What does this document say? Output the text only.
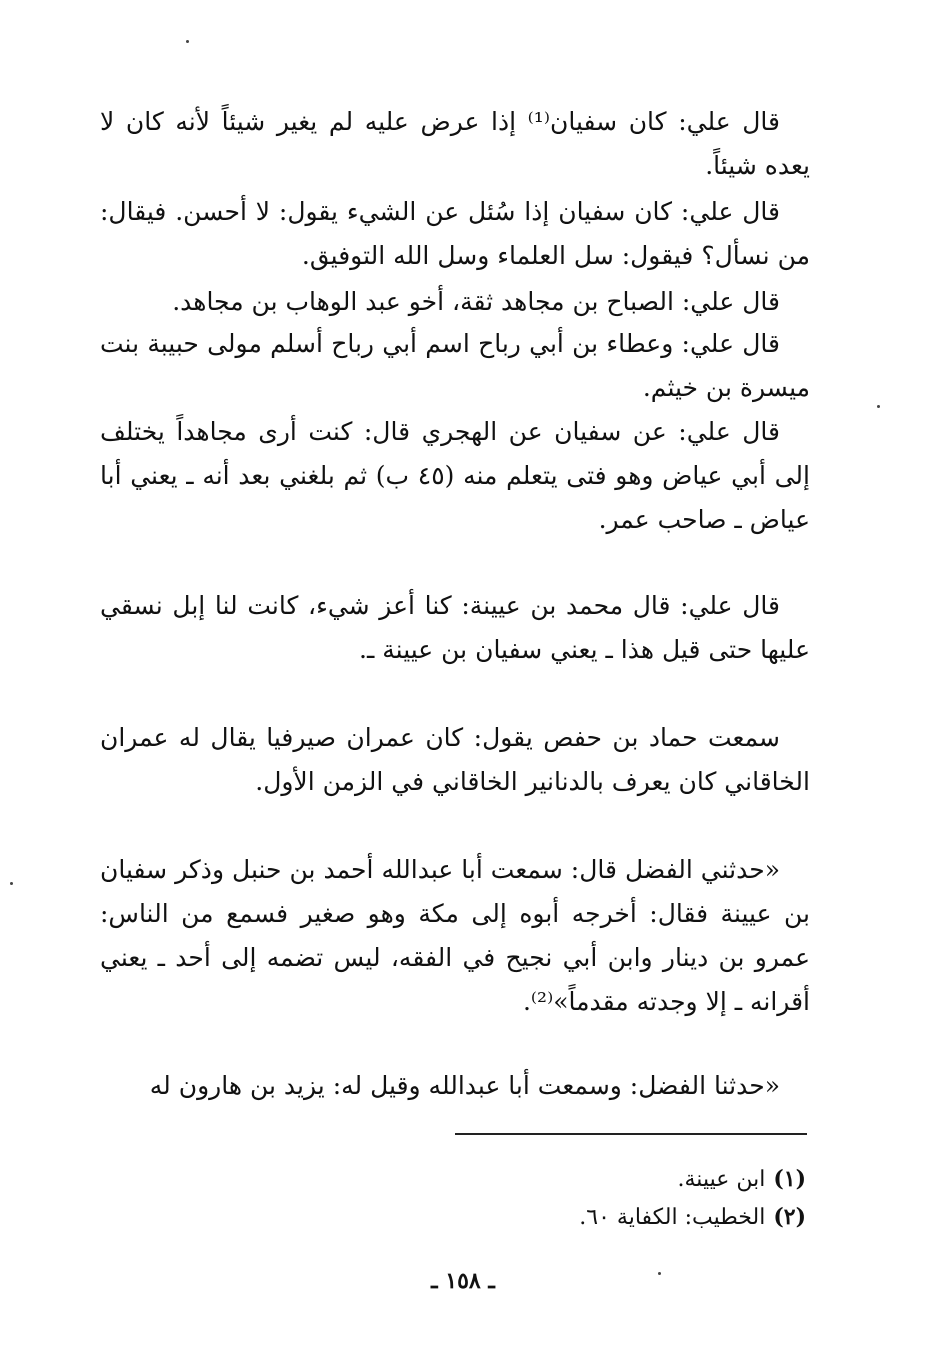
قال علي: كان سفيان⁽¹⁾ إذا عرض عليه لم يغير شيئاً لأنه كان لا يعده شيئاً.

قال علي: كان سفيان إذا سُئل عن الشيء يقول: لا أحسن. فيقال: من نسأل؟ فيقول: سل العلماء وسل الله التوفيق.

قال علي: الصباح بن مجاهد ثقة، أخو عبد الوهاب بن مجاهد.

قال علي: وعطاء بن أبي رباح اسم أبي رباح أسلم مولى حبيبة بنت ميسرة بن خيثم.

قال علي: عن سفيان عن الهجري قال: كنت أرى مجاهداً يختلف إلى أبي عياض وهو فتى يتعلم منه (٤٥ ب) ثم بلغني بعد أنه ـ يعني أبا عياض ـ صاحب عمر.

قال علي: قال محمد بن عيينة: كنا أعز شيء، كانت لنا إبل نسقي عليها حتى قيل هذا ـ يعني سفيان بن عيينة ـ.

سمعت حماد بن حفص يقول: كان عمران صيرفيا يقال له عمران الخاقاني كان يعرف بالدنانير الخاقاني في الزمن الأول.

«حدثني الفضل قال: سمعت أبا عبدالله أحمد بن حنبل وذكر سفيان بن عيينة فقال: أخرجه أبوه إلى مكة وهو صغير فسمع من الناس: عمرو بن دينار وابن أبي نجيح في الفقه، ليس تضمه إلى أحد ـ يعني أقرانه ـ إلا وجدته مقدماً»⁽²⁾.

«حدثنا الفضل: وسمعت أبا عبدالله وقيل له: يزيد بن هارون له

(١)ابن عيينة.

(٢)الخطيب: الكفاية ٦٠.

ـ ١٥٨ ـ
